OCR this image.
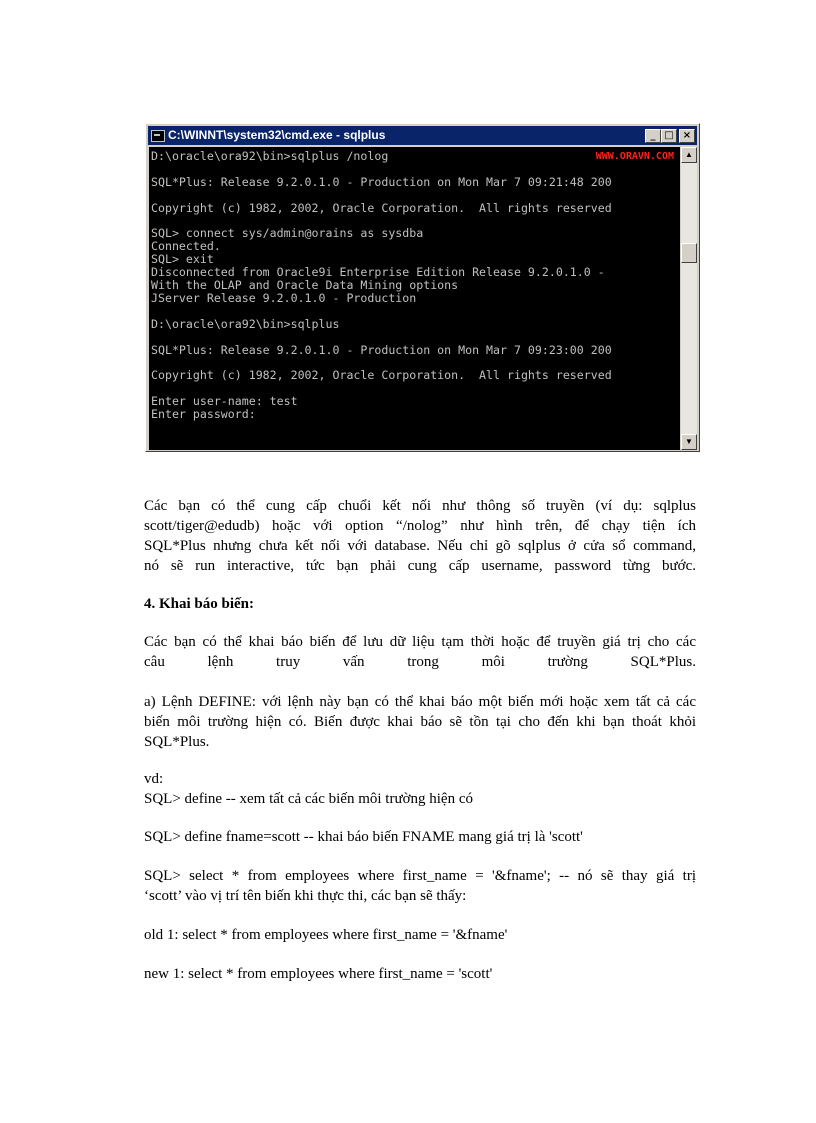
C:\WINNT\system32\cmd.exe - sqlplus	_ □ ×
D:\oracle\ora92\bin>sqlplus /nolog

SQL*Plus: Release 9.2.0.1.0 - Production on Mon Mar 7 09:21:48 200

Copyright (c) 1982, 2002, Oracle Corporation.  All rights reserved

SQL> connect sys/admin@orains as sysdba
Connected.
SQL> exit
Disconnected from Oracle9i Enterprise Edition Release 9.2.0.1.0 -
With the OLAP and Oracle Data Mining options
JServer Release 9.2.0.1.0 - Production

D:\oracle\ora92\bin>sqlplus

SQL*Plus: Release 9.2.0.1.0 - Production on Mon Mar 7 09:23:00 200

Copyright (c) 1982, 2002, Oracle Corporation.  All rights reserved

Enter user-name: test
Enter password:
WWW.ORAVN.COM	▲
▼
Các bạn có thể cung cấp chuổi kết nối như thông số truyền (ví dụ: sqlplus
scott/tiger@edudb) hoặc với option “/nolog” như hình trên, để chạy tiện ích
SQL*Plus nhưng chưa kết nối với database. Nếu chỉ gõ sqlplus ở cửa sổ command,
nó sẽ run interactive, tức bạn phải cung cấp username, password từng bước.
4. Khai báo biến:
Các bạn có thể khai báo biến để lưu dữ liệu tạm thời hoặc để truyền giá trị cho các
câu lệnh truy vấn trong môi trường SQL*Plus.
a) Lệnh DEFINE: với lệnh này bạn có thể khai báo một biến mới hoặc xem tất cả các
biến môi trường hiện có. Biến được khai báo sẽ tồn tại cho đến khi bạn thoát khỏi
SQL*Plus.
vd:
SQL> define -- xem tất cả các biến môi trường hiện có
SQL> define fname=scott -- khai báo biến FNAME mang giá trị là 'scott'
SQL> select * from employees where first_name = '&fname'; -- nó sẽ thay giá trị
‘scott’ vào vị trí tên biến khi thực thi, các bạn sẽ thấy:
old 1: select * from employees where first_name = '&fname'
new 1: select * from employees where first_name = 'scott'
